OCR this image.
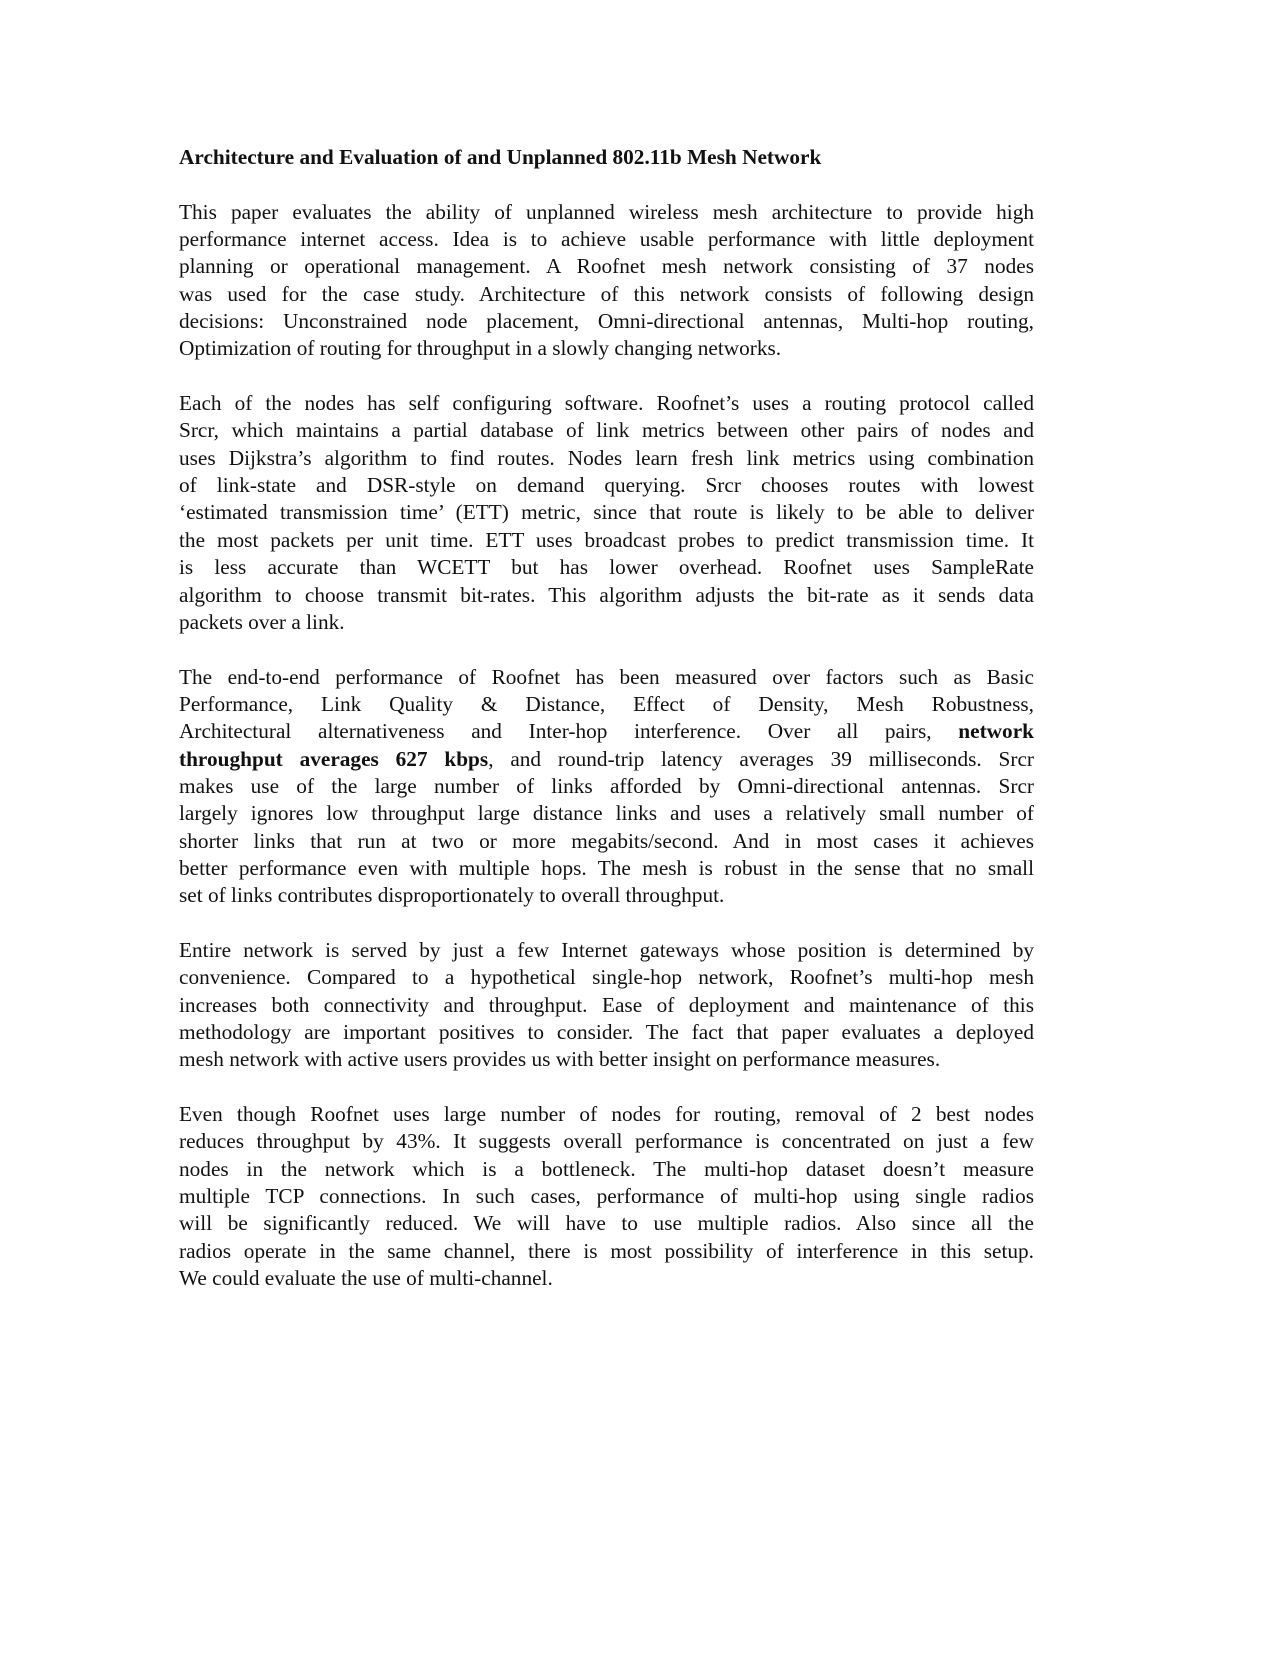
Architecture and Evaluation of and Unplanned 802.11b Mesh Network
This paper evaluates the ability of unplanned wireless mesh architecture to provide high
performance internet access. Idea is to achieve usable performance with little deployment
planning or operational management. A Roofnet mesh network consisting of 37 nodes
was used for the case study. Architecture of this network consists of following design
decisions: Unconstrained node placement, Omni-directional antennas, Multi-hop routing,
Optimization of routing for throughput in a slowly changing networks.
Each of the nodes has self configuring software. Roofnet’s uses a routing protocol called
Srcr, which maintains a partial database of link metrics between other pairs of nodes and
uses Dijkstra’s algorithm to find routes. Nodes learn fresh link metrics using combination
of link-state and DSR-style on demand querying. Srcr chooses routes with lowest
‘estimated transmission time’ (ETT) metric, since that route is likely to be able to deliver
the most packets per unit time. ETT uses broadcast probes to predict transmission time. It
is less accurate than WCETT but has lower overhead. Roofnet uses SampleRate
algorithm to choose transmit bit-rates. This algorithm adjusts the bit-rate as it sends data
packets over a link.
The end-to-end performance of Roofnet has been measured over factors such as Basic
Performance, Link Quality & Distance, Effect of Density, Mesh Robustness,
Architectural alternativeness and Inter-hop interference. Over all pairs, network
throughput averages 627 kbps, and round-trip latency averages 39 milliseconds. Srcr
makes use of the large number of links afforded by Omni-directional antennas. Srcr
largely ignores low throughput large distance links and uses a relatively small number of
shorter links that run at two or more megabits/second. And in most cases it achieves
better performance even with multiple hops. The mesh is robust in the sense that no small
set of links contributes disproportionately to overall throughput.
Entire network is served by just a few Internet gateways whose position is determined by
convenience. Compared to a hypothetical single-hop network, Roofnet’s multi-hop mesh
increases both connectivity and throughput. Ease of deployment and maintenance of this
methodology are important positives to consider. The fact that paper evaluates a deployed
mesh network with active users provides us with better insight on performance measures.
Even though Roofnet uses large number of nodes for routing, removal of 2 best nodes
reduces throughput by 43%. It suggests overall performance is concentrated on just a few
nodes in the network which is a bottleneck. The multi-hop dataset doesn’t measure
multiple TCP connections. In such cases, performance of multi-hop using single radios
will be significantly reduced. We will have to use multiple radios. Also since all the
radios operate in the same channel, there is most possibility of interference in this setup.
We could evaluate the use of multi-channel.
